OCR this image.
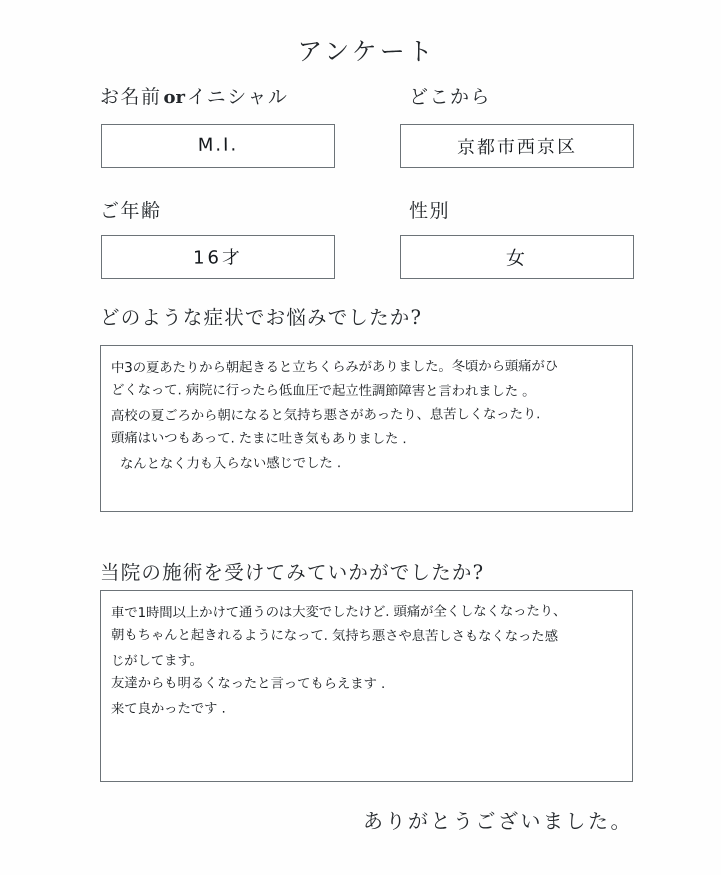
アンケート
お名前 or イニシャル
M.I.
どこから
京都市西京区
ご年齢
16才
性別
女
どのような症状でお悩みでしたか?
中3の夏あたりから朝起きると立ちくらみがありました。冬頃から頭痛がひ
どくなって. 病院に行ったら低血圧で起立性調節障害と言われました 。
高校の夏ごろから朝になると気持ち悪さがあったり、息苦しくなったり.
頭痛はいつもあって. たまに吐き気もありました .
なんとなく力も入らない感じでした .
当院の施術を受けてみていかがでしたか?
車で1時間以上かけて通うのは大変でしたけど. 頭痛が全くしなくなったり、
朝もちゃんと起きれるようになって. 気持ち悪さや息苦しさもなくなった感
じがしてます。
友達からも明るくなったと言ってもらえます .
来て良かったです .
ありがとうございました。
